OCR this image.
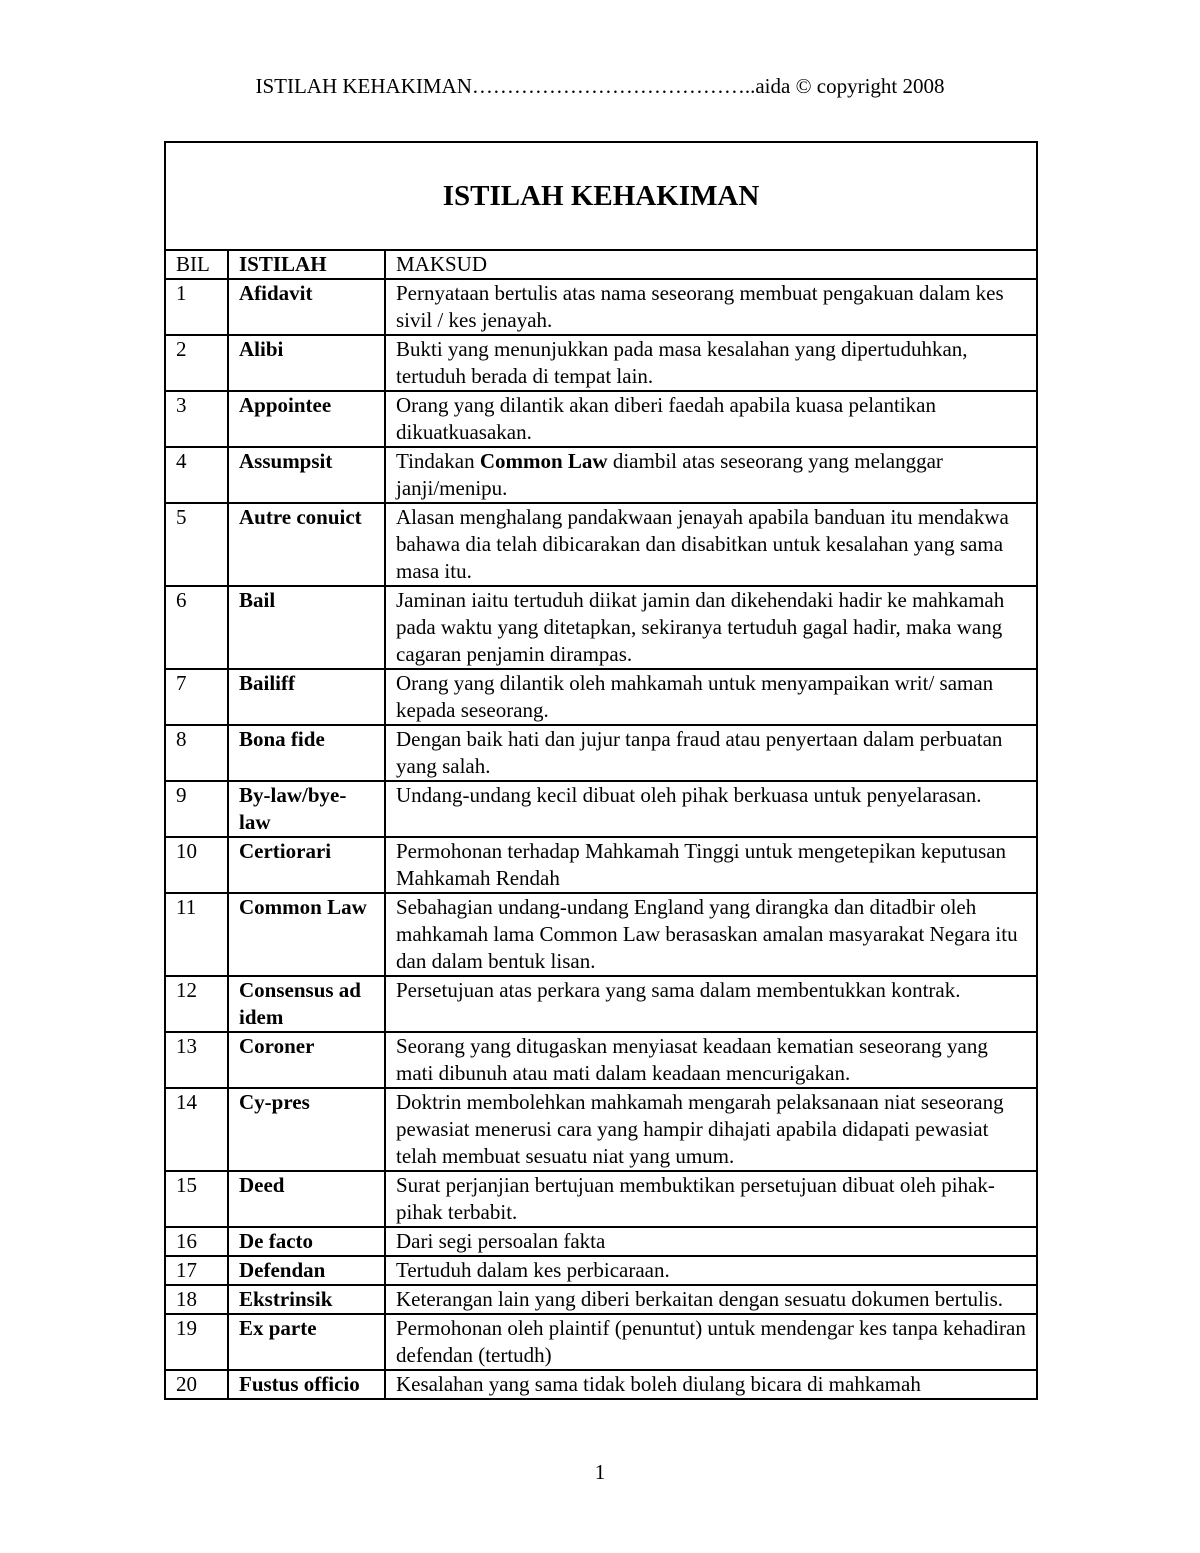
ISTILAH KEHAKIMAN…………………………………..aida © copyright 2008
ISTILAH KEHAKIMAN		
BIL	ISTILAH	MAKSUD
1	Afidavit	Pernyataan bertulis atas nama seseorang membuat pengakuan dalam kes sivil / kes jenayah.
2	Alibi	Bukti yang menunjukkan pada masa kesalahan yang dipertuduhkan, tertuduh berada di tempat lain.
3	Appointee	Orang yang dilantik akan diberi faedah apabila kuasa pelantikan dikuatkuasakan.
4	Assumpsit	Tindakan Common Law diambil atas seseorang yang melanggar janji/menipu.
5	Autre conuict	Alasan menghalang pandakwaan jenayah apabila banduan itu mendakwa bahawa dia telah dibicarakan dan disabitkan untuk kesalahan yang sama masa itu.
6	Bail	Jaminan iaitu tertuduh diikat jamin dan dikehendaki hadir ke mahkamah pada waktu yang ditetapkan, sekiranya tertuduh gagal hadir, maka wang cagaran penjamin dirampas.
7	Bailiff	Orang yang dilantik oleh mahkamah untuk menyampaikan writ/ saman kepada seseorang.
8	Bona fide	Dengan baik hati dan jujur tanpa fraud atau penyertaan dalam perbuatan yang salah.
9	By-law/bye-law	Undang-undang kecil dibuat oleh pihak berkuasa untuk penyelarasan.
10	Certiorari	Permohonan terhadap Mahkamah Tinggi untuk mengetepikan keputusan Mahkamah Rendah
11	Common Law	Sebahagian undang-undang England yang dirangka dan ditadbir oleh mahkamah lama Common Law berasaskan amalan masyarakat Negara itu dan dalam bentuk lisan.
12	Consensus ad idem	Persetujuan atas perkara yang sama dalam membentukkan kontrak.
13	Coroner	Seorang yang ditugaskan menyiasat keadaan kematian seseorang yang mati dibunuh atau mati dalam keadaan mencurigakan.
14	Cy-pres	Doktrin membolehkan mahkamah mengarah pelaksanaan niat seseorang pewasiat menerusi cara yang hampir dihajati apabila didapati pewasiat telah membuat sesuatu niat yang umum.
15	Deed	Surat perjanjian bertujuan membuktikan persetujuan dibuat oleh pihak-pihak terbabit.
16	De facto	Dari segi persoalan fakta
17	Defendan	Tertuduh dalam kes perbicaraan.
18	Ekstrinsik	Keterangan lain yang diberi berkaitan dengan sesuatu dokumen bertulis.
19	Ex parte	Permohonan oleh plaintif (penuntut) untuk mendengar kes tanpa kehadiran defendan (tertudh)
20	Fustus officio	Kesalahan yang sama tidak boleh diulang bicara di mahkamah
1
